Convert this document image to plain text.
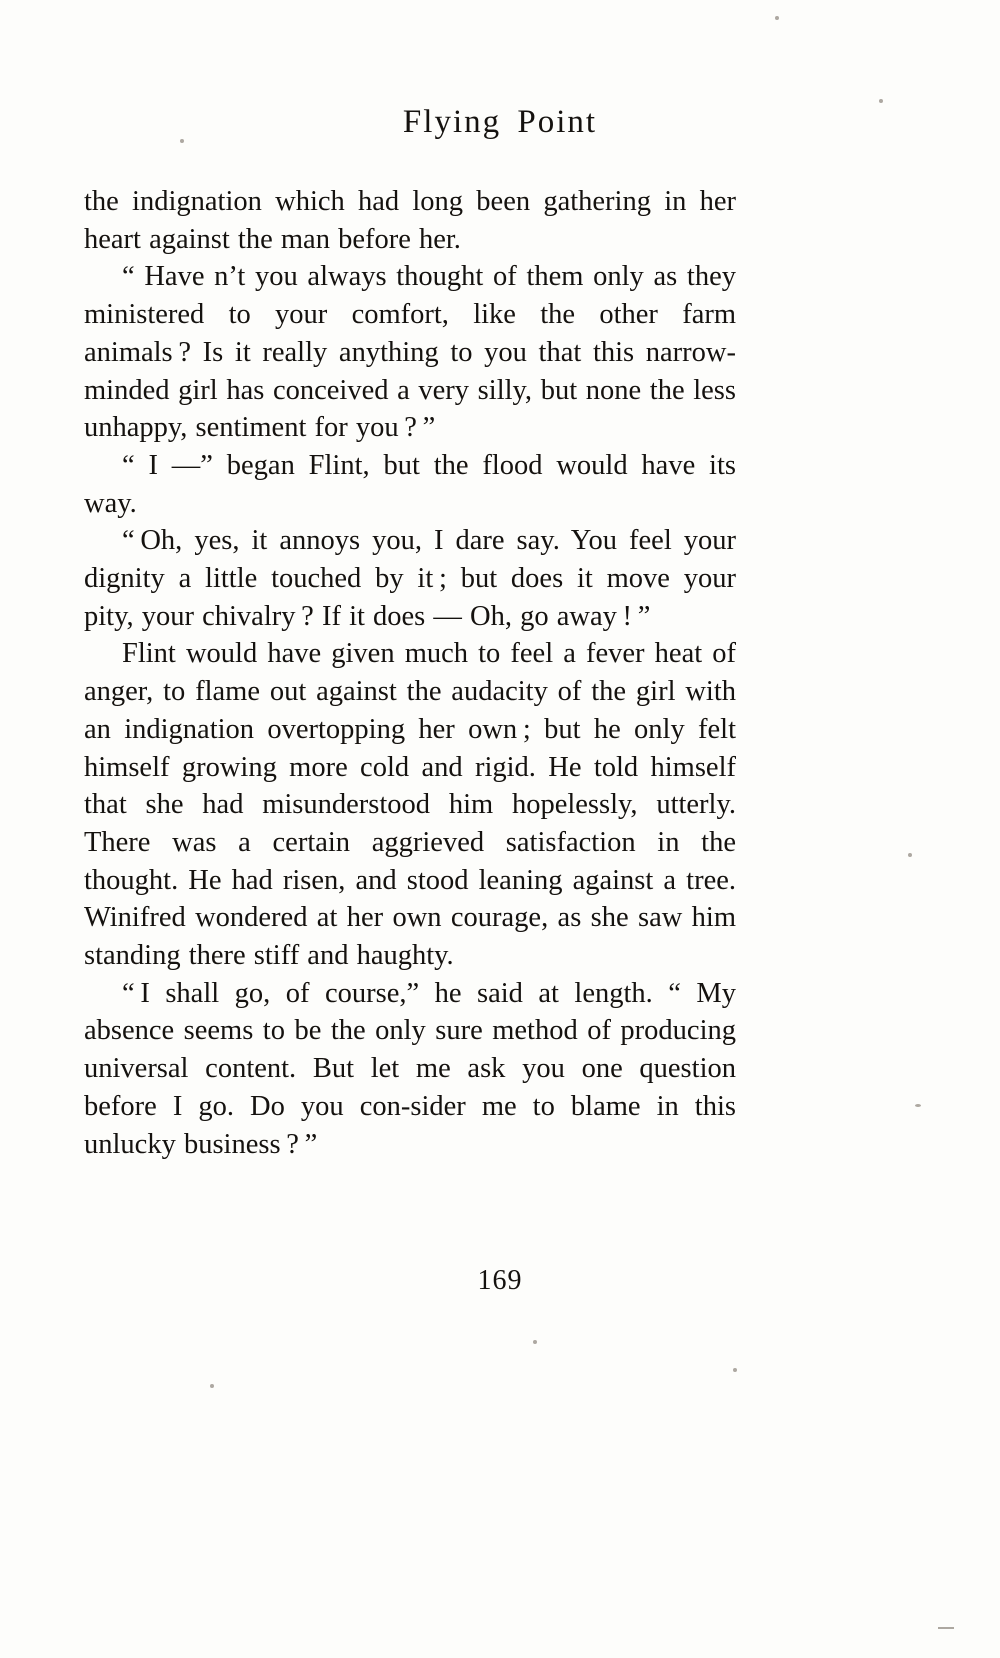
Flying Point

the indignation which had long been gathering in her heart against the man before her.

“ Have n’t you always thought of them only as they ministered to your comfort, like the other farm animals ? Is it really anything to you that this narrow-minded girl has conceived a very silly, but none the less unhappy, sentiment for you ? ”

“ I —” began Flint, but the flood would have its way.

“ Oh, yes, it annoys you, I dare say. You feel your dignity a little touched by it ; but does it move your pity, your chivalry ? If it does — Oh, go away ! ”

Flint would have given much to feel a fever heat of anger, to flame out against the audacity of the girl with an indignation overtopping her own ; but he only felt himself growing more cold and rigid. He told himself that she had misunderstood him hopelessly, utterly. There was a certain aggrieved satisfaction in the thought. He had risen, and stood leaning against a tree. Winifred wondered at her own courage, as she saw him standing there stiff and haughty.

“ I shall go, of course,” he said at length. “ My absence seems to be the only sure method of producing universal content. But let me ask you one question before I go. Do you con-sider me to blame in this unlucky business ? ”

169
